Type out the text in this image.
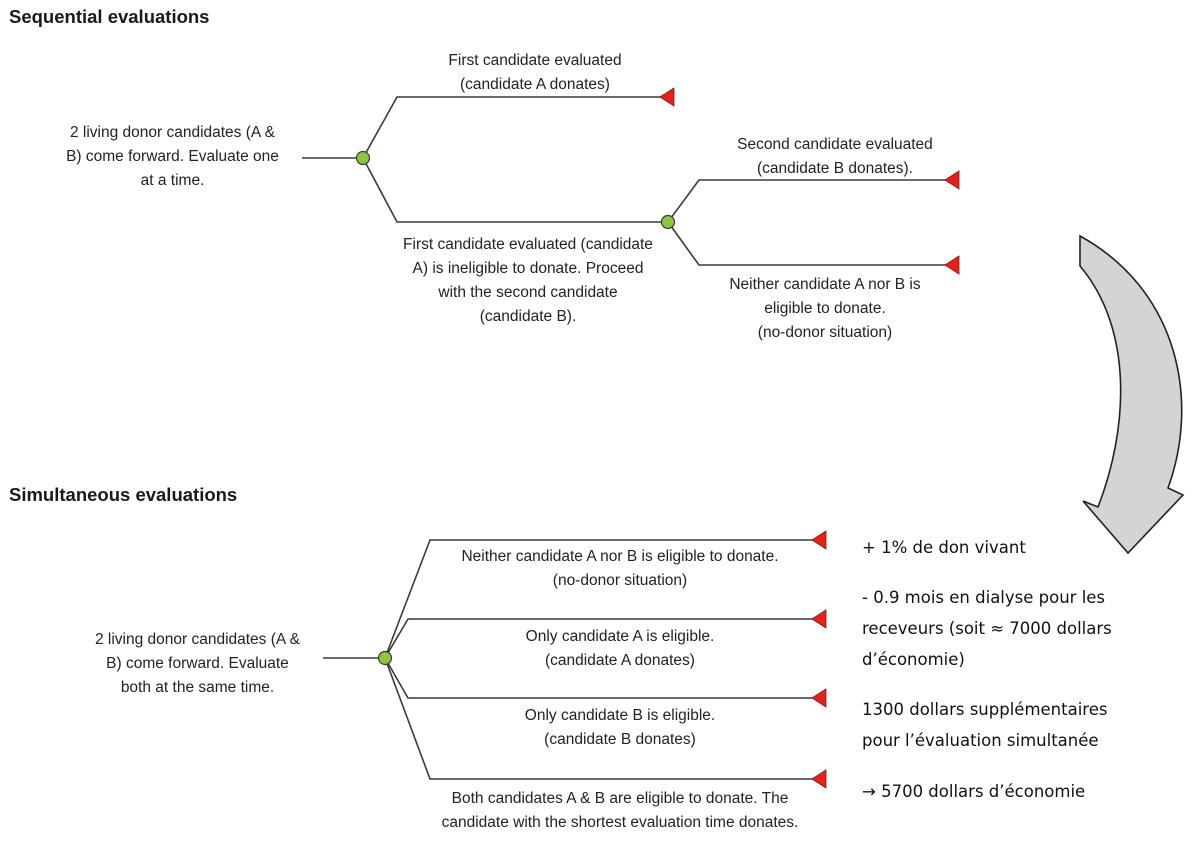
Sequential evaluations
Simultaneous evaluations
2 living donor candidates (A &
B) come forward. Evaluate one
at a time.
First candidate evaluated
(candidate A donates)
First candidate evaluated (candidate
A) is ineligible to donate. Proceed
with the second candidate
(candidate B).
Second candidate evaluated
(candidate B donates).
Neither candidate A nor B is
eligible to donate.
(no-donor situation)
2 living donor candidates (A &
B) come forward. Evaluate
both at the same time.
Neither candidate A nor B is eligible to donate.
(no-donor situation)
Only candidate A is eligible.
(candidate A donates)
Only candidate B is eligible.
(candidate B donates)
Both candidates A & B are eligible to donate. The
candidate with the shortest evaluation time donates.
+ 1% de don vivant
- 0.9 mois en dialyse pour les
receveurs (soit ≈ 7000 dollars
d’économie)
1300 dollars supplémentaires
pour l’évaluation simultanée
→ 5700 dollars d’économie
